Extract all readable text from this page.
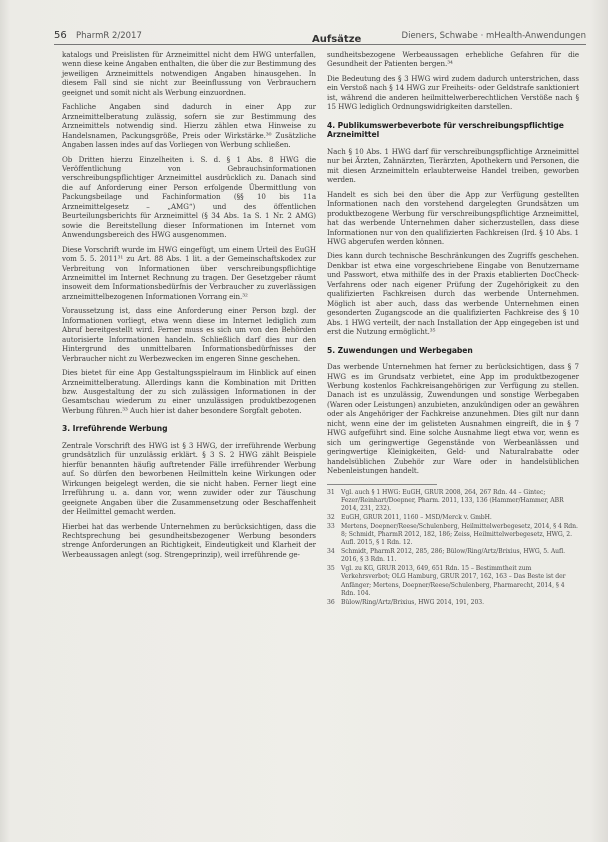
56 PharmR 2/2017	Aufsätze	Dieners, Schwabe · mHealth-Anwendungen

katalogs und Preislisten für Arzneimittel nicht dem HWG unterfallen, wenn diese keine Angaben enthalten, die über die zur Bestimmung des jeweiligen Arzneimittels notwendigen Angaben hinausgehen. In diesem Fall sind sie nicht zur Beeinflussung von Verbrauchern geeignet und somit nicht als Werbung einzuordnen.

Fachliche Angaben sind dadurch in einer App zur Arzneimittelberatung zulässig, sofern sie zur Bestimmung des Arzneimittels notwendig sind. Hierzu zählen etwa Hinweise zu Handelsnamen, Packungsgröße, Preis oder Wirkstärke.³⁰ Zusätzliche Angaben lassen indes auf das Vorliegen von Werbung schließen.

Ob Dritten hierzu Einzelheiten i. S. d. § 1 Abs. 8 HWG die Veröffentlichung von Gebrauchsinformationen verschreibungspflichtiger Arzneimittel ausdrücklich zu. Danach sind die auf Anforderung einer Person erfolgende Übermittlung von Packungsbeilage und Fachinformation (§§ 10 bis 11a Arzneimittelgesetz – „AMG“) und des öffentlichen Beurteilungsberichts für Arzneimittel (§ 34 Abs. 1a S. 1 Nr. 2 AMG) sowie die Bereitstellung dieser Informationen im Internet vom Anwendungsbereich des HWG ausgenommen.

Diese Vorschrift wurde im HWG eingefügt, um einem Urteil des EuGH vom 5. 5. 2011³¹ zu Art. 88 Abs. 1 lit. a der Gemeinschaftskodex zur Verbreitung von Informationen über verschreibungspflichtige Arzneimittel im Internet Rechnung zu tragen. Der Gesetzgeber räumt insoweit dem Informationsbedürfnis der Verbraucher zu zuverlässigen arzneimittelbezogenen Informationen Vorrang ein.³²

Voraussetzung ist, dass eine Anforderung einer Person bzgl. der Informationen vorliegt, etwa wenn diese im Internet lediglich zum Abruf bereitgestellt wird. Ferner muss es sich um von den Behörden autorisierte Informationen handeln. Schließlich darf dies nur den Hintergrund des unmittelbaren Informationsbedürfnisses der Verbraucher nicht zu Werbezwecken im engeren Sinne geschehen.

Dies bietet für eine App Gestaltungsspielraum im Hinblick auf einen Arzneimittelberatung. Allerdings kann die Kombination mit Dritten bzw. Ausgestaltung der zu sich zulässigen Informationen in der Gesamtschau wiederum zu einer unzulässigen produktbezogenen Werbung führen.³³ Auch hier ist daher besondere Sorgfalt geboten.

3. Irreführende Werbung

Zentrale Vorschrift des HWG ist § 3 HWG, der irreführende Werbung grundsätzlich für unzulässig erklärt. § 3 S. 2 HWG zählt Beispiele hierfür benannten häufig auftretender Fälle irreführender Werbung auf. So dürfen den beworbenen Heilmitteln keine Wirkungen oder Wirkungen beigelegt werden, die sie nicht haben. Ferner liegt eine Irreführung u. a. dann vor, wenn zuwider oder zur Täuschung geeignete Angaben über die Zusammensetzung oder Beschaffenheit der Heilmittel gemacht werden.

Hierbei hat das werbende Unternehmen zu berücksichtigen, dass die Rechtsprechung bei gesundheitsbezogener Werbung besonders strenge Anforderungen an Richtigkeit, Eindeutigkeit und Klarheit der Werbeaussagen anlegt (sog. Strengeprinzip), weil irreführende ge-

sundheitsbezogene Werbeaussagen erhebliche Gefahren für die Gesundheit der Patienten bergen.³⁴

Die Bedeutung des § 3 HWG wird zudem dadurch unterstrichen, dass ein Verstoß nach § 14 HWG zur Freiheits- oder Geldstrafe sanktioniert ist, während die anderen heilmittelwerberechtlichen Verstöße nach § 15 HWG lediglich Ordnungswidrigkeiten darstellen.

4. Publikumswerbeverbote für verschreibungspflichtige Arzneimittel

Nach § 10 Abs. 1 HWG darf für verschreibungspflichtige Arzneimittel nur bei Ärzten, Zahnärzten, Tierärzten, Apothekern und Personen, die mit diesen Arzneimitteln erlaubterweise Handel treiben, geworben werden.

Handelt es sich bei den über die App zur Verfügung gestellten Informationen nach den vorstehend dargelegten Grundsätzen um produktbezogene Werbung für verschreibungspflichtige Arzneimittel, hat das werbende Unternehmen daher sicherzustellen, dass diese Informationen nur von den qualifizierten Fachkreisen (Ird. § 10 Abs. 1 HWG abgerufen werden können.

Dies kann durch technische Beschränkungen des Zugriffs geschehen. Denkbar ist etwa eine vorgeschriebene Eingabe von Benutzername und Passwort, etwa mithilfe des in der Praxis etablierten DocCheck-Verfahrens oder nach eigener Prüfung der Zugehörigkeit zu den qualifizierten Fachkreisen durch das werbende Unternehmen. Möglich ist aber auch, dass das werbende Unternehmen einen gesonderten Zugangscode an die qualifizierten Fachkreise des § 10 Abs. 1 HWG verteilt, der nach Installation der App eingegeben ist und erst die Nutzung ermöglicht.³⁵

5. Zuwendungen und Werbegaben

Das werbende Unternehmen hat ferner zu berücksichtigen, dass § 7 HWG es im Grundsatz verbietet, eine App im produktbezogener Werbung kostenlos Fachkreisangehörigen zur Verfügung zu stellen. Danach ist es unzulässig, Zuwendungen und sonstige Werbegaben (Waren oder Leistungen) anzubieten, anzukündigen oder an gewähren oder als Angehöriger der Fachkreise anzunehmen. Dies gilt nur dann nicht, wenn eine der im gelisteten Ausnahmen eingreift, die in § 7 HWG aufgeführt sind. Eine solche Ausnahme liegt etwa vor, wenn es sich um geringwertige Gegenstände von Werbeanlässen und geringwertige Kleinigkeiten, Geld- und Naturalrabatte oder handelsüblichen Zubehör zur Ware oder in handelsüblichen Nebenleistungen handelt.

31	Vgl. auch § 1 HWG: EuGH, GRUR 2008, 264, 267 Rdn. 44 – Gintec; Fezer/Reinhart/Doepner, Pharm. 2011, 133, 136 (Hammer/Hammer, ABR 2014, 231, 232).
32	EuGH, GRUR 2011, 1160 – MSD/Merck v. GmbH.
33	Mertens, Doepner/Reese/Schulenberg, Heilmittelwerbegesetz, 2014, § 4 Rdn. 8; Schmidt, PharmR 2012, 182, 186; Zeiss, Heilmittelwerbegesetz, HWG, 2. Aufl. 2015, § 1 Rdn. 12.
34	Schmidt, PharmR 2012, 285, 286; Bülow/Ring/Artz/Brixius, HWG, 5. Aufl. 2016, § 3 Rdn. 11.
35	Vgl. zu KG, GRUR 2013, 649, 651 Rdn. 15 – Bestimmtheit zum Verkehrsverbot; OLG Hamburg, GRUR 2017, 162, 163 – Das Beste ist der Anfänger; Mertens, Doepner/Reese/Schulenberg, Pharmarecht, 2014, § 4 Rdn. 104.
36	Bülow/Ring/Artz/Brixius, HWG 2014, 191, 203.
